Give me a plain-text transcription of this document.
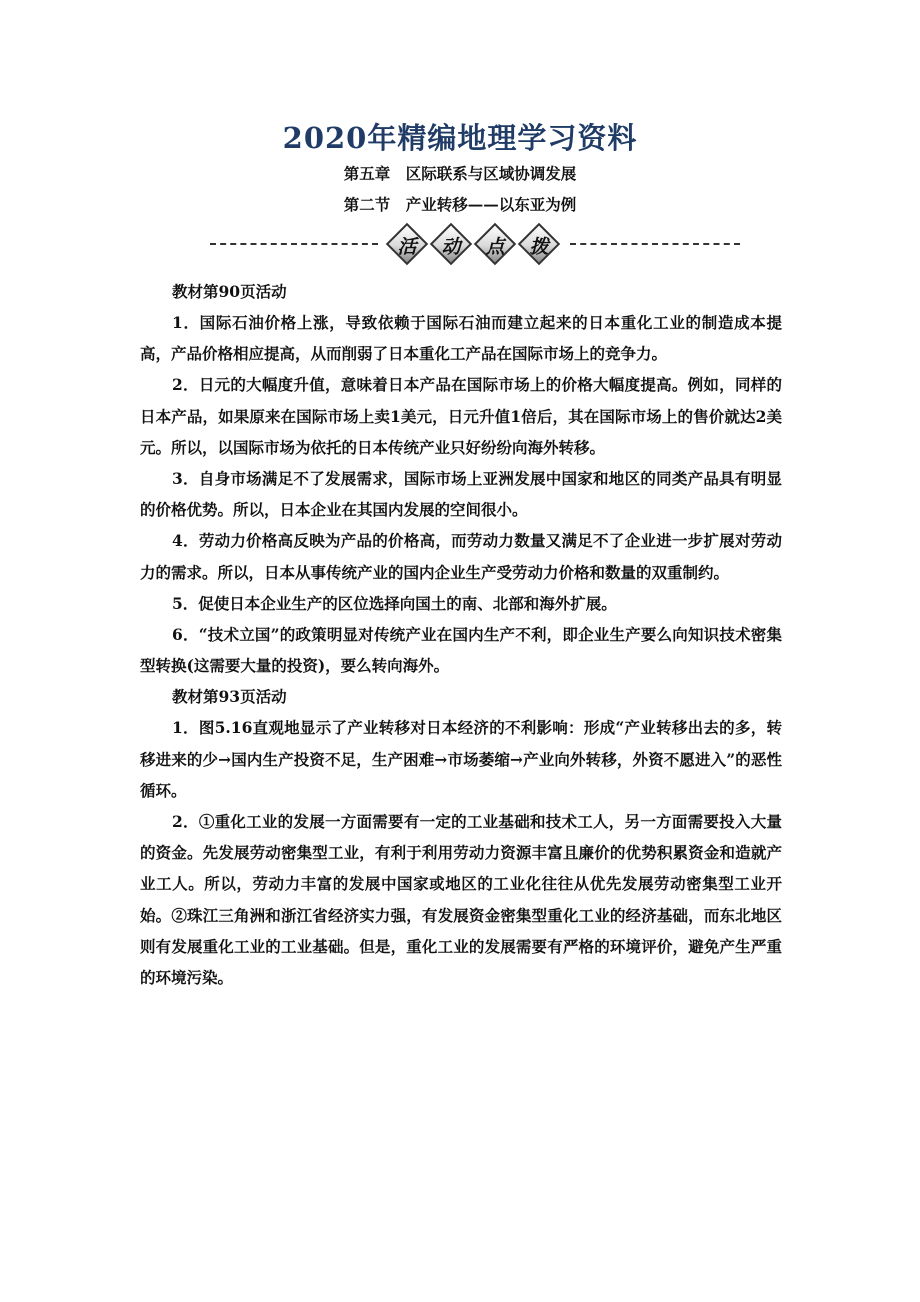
2020年精编地理学习资料

第五章　区际联系与区域协调发展

第二节　产业转移——以东亚为例

活	动	点	拨

教材第90页活动

1．国际石油价格上涨，导致依赖于国际石油而建立起来的日本重化工业的制造成本提高，产品价格相应提高，从而削弱了日本重化工产品在国际市场上的竞争力。

2．日元的大幅度升值，意味着日本产品在国际市场上的价格大幅度提高。例如，同样的日本产品，如果原来在国际市场上卖1美元，日元升值1倍后，其在国际市场上的售价就达2美元。所以，以国际市场为依托的日本传统产业只好纷纷向海外转移。

3．自身市场满足不了发展需求，国际市场上亚洲发展中国家和地区的同类产品具有明显的价格优势。所以，日本企业在其国内发展的空间很小。

4．劳动力价格高反映为产品的价格高，而劳动力数量又满足不了企业进一步扩展对劳动力的需求。所以，日本从事传统产业的国内企业生产受劳动力价格和数量的双重制约。

5．促使日本企业生产的区位选择向国土的南、北部和海外扩展。

6．“技术立国”的政策明显对传统产业在国内生产不利，即企业生产要么向知识技术密集型转换(这需要大量的投资)，要么转向海外。

教材第93页活动

1．图5.16直观地显示了产业转移对日本经济的不利影响：形成“产业转移出去的多，转移进来的少→国内生产投资不足，生产困难→市场萎缩→产业向外转移，外资不愿进入”的恶性循环。

2．①重化工业的发展一方面需要有一定的工业基础和技术工人，另一方面需要投入大量的资金。先发展劳动密集型工业，有利于利用劳动力资源丰富且廉价的优势积累资金和造就产业工人。所以，劳动力丰富的发展中国家或地区的工业化往往从优先发展劳动密集型工业开始。②珠江三角洲和浙江省经济实力强，有发展资金密集型重化工业的经济基础，而东北地区则有发展重化工业的工业基础。但是，重化工业的发展需要有严格的环境评价，避免产生严重的环境污染。
